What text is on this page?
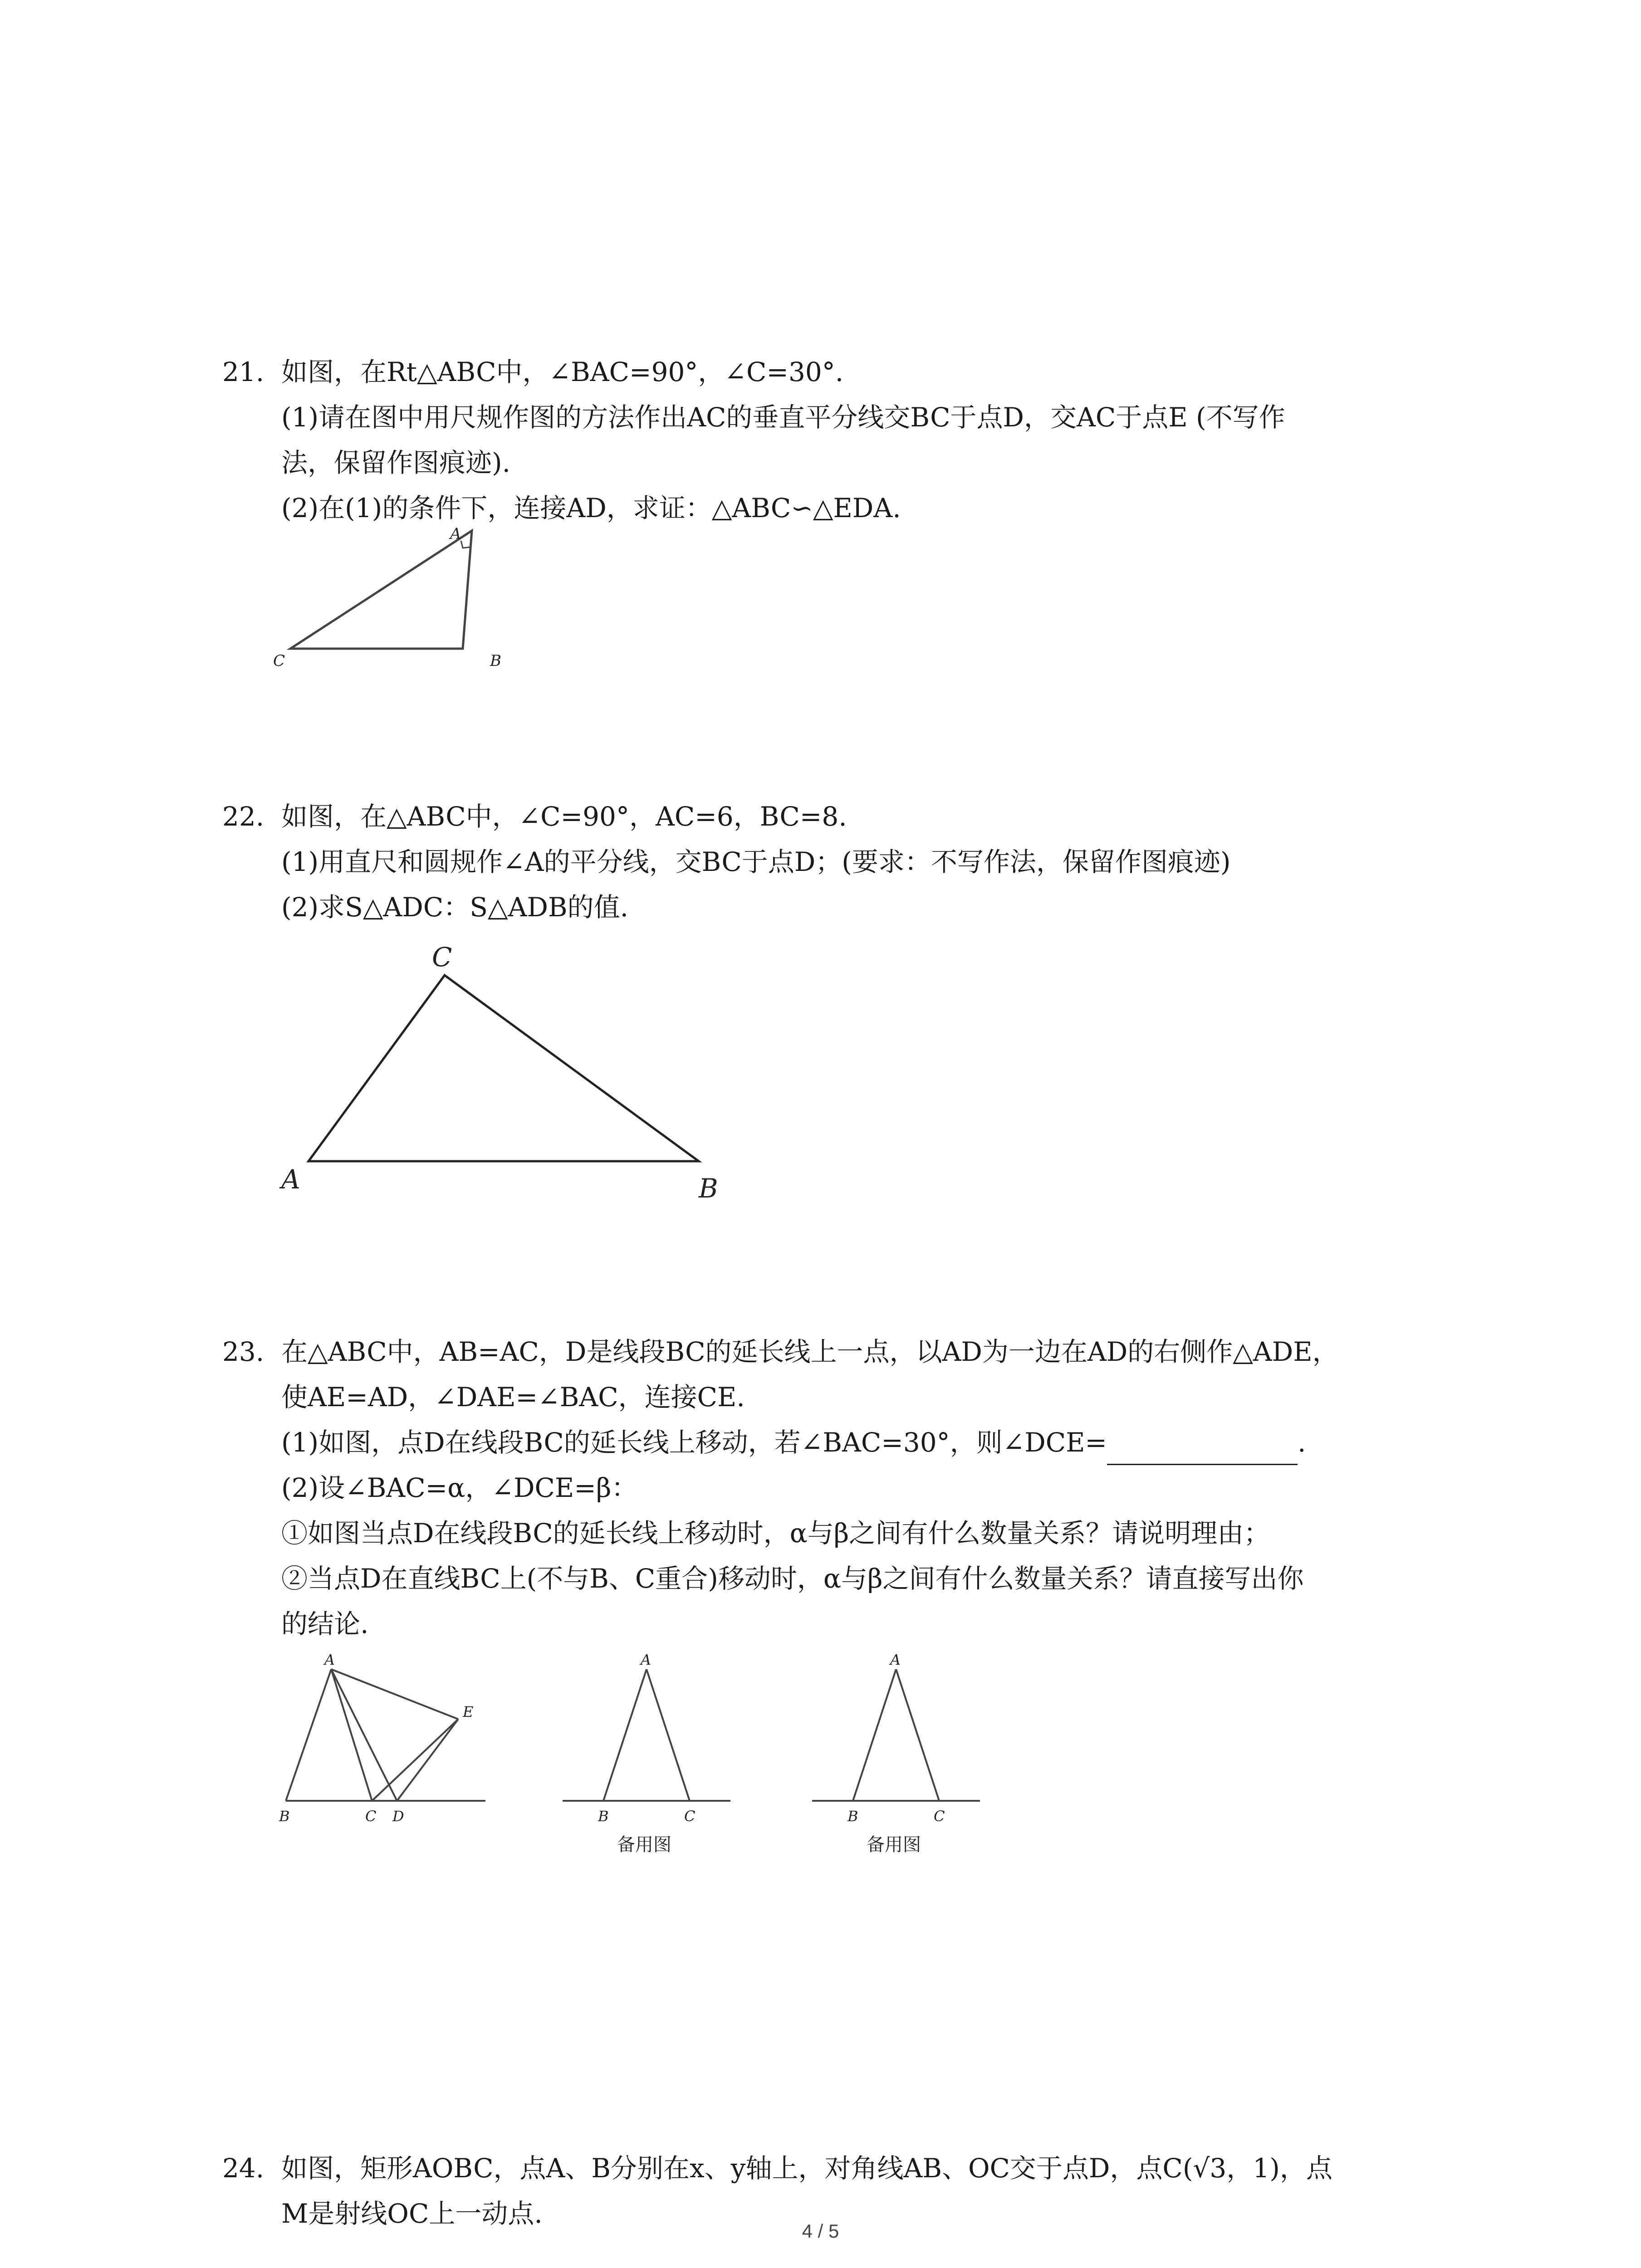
21. 如图，在Rt△ABC中，∠BAC=90°，∠C=30°.
(1)请在图中用尺规作图的方法作出AC的垂直平分线交BC于点D，交AC于点E (不写作
法，保留作图痕迹).
(2)在(1)的条件下，连接AD，求证：△ABC∽△EDA.
A
C	B
22. 如图，在△ABC中，∠C=90°，AC=6，BC=8.
(1)用直尺和圆规作∠A的平分线，交BC于点D；(要求：不写作法，保留作图痕迹)
(2)求S△ADC：S△ADB的值.
C
A	B
23. 在△ABC中，AB=AC，D是线段BC的延长线上一点，以AD为一边在AD的右侧作△ADE，
使AE=AD，∠DAE=∠BAC，连接CE.
(1)如图，点D在线段BC的延长线上移动，若∠BAC=30°，则∠DCE=	.
(2)设∠BAC=α，∠DCE=β：
①如图当点D在线段BC的延长线上移动时，α与β之间有什么数量关系？请说明理由；
②当点D在直线BC上(不与B、C重合)移动时，α与β之间有什么数量关系？请直接写出你
的结论.
A
B	C D
E
A
B	C
备用图
A
B	C
备用图
24. 如图，矩形AOBC，点A、B分别在x、y轴上，对角线AB、OC交于点D，点C(√3，1)，点
M是射线OC上一动点.
4 / 5
